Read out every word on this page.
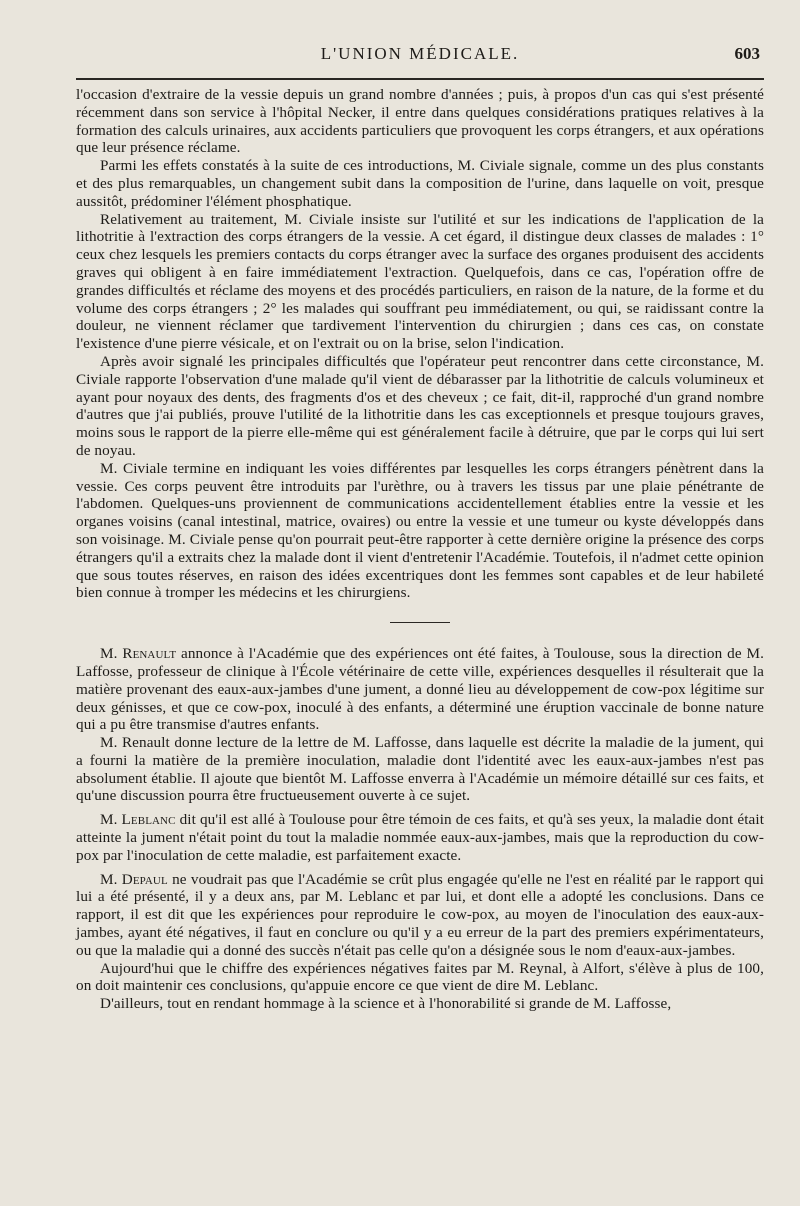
L'UNION MÉDICALE.	603

l'occasion d'extraire de la vessie depuis un grand nombre d'années ; puis, à propos d'un cas qui s'est présenté récemment dans son service à l'hôpital Necker, il entre dans quelques considérations pratiques relatives à la formation des calculs urinaires, aux accidents particuliers que provoquent les corps étrangers, et aux opérations que leur présence réclame.

Parmi les effets constatés à la suite de ces introductions, M. Civiale signale, comme un des plus constants et des plus remarquables, un changement subit dans la composition de l'urine, dans laquelle on voit, presque aussitôt, prédominer l'élément phosphatique.

Relativement au traitement, M. Civiale insiste sur l'utilité et sur les indications de l'application de la lithotritie à l'extraction des corps étrangers de la vessie. A cet égard, il distingue deux classes de malades : 1° ceux chez lesquels les premiers contacts du corps étranger avec la surface des organes produisent des accidents graves qui obligent à en faire immédiatement l'extraction. Quelquefois, dans ce cas, l'opération offre de grandes difficultés et réclame des moyens et des procédés particuliers, en raison de la nature, de la forme et du volume des corps étrangers ; 2° les malades qui souffrant peu immédiatement, ou qui, se raidissant contre la douleur, ne viennent réclamer que tardivement l'intervention du chirurgien ; dans ces cas, on constate l'existence d'une pierre vésicale, et on l'extrait ou on la brise, selon l'indication.

Après avoir signalé les principales difficultés que l'opérateur peut rencontrer dans cette circonstance, M. Civiale rapporte l'observation d'une malade qu'il vient de débarasser par la lithotritie de calculs volumineux et ayant pour noyaux des dents, des fragments d'os et des cheveux ; ce fait, dit-il, rapproché d'un grand nombre d'autres que j'ai publiés, prouve l'utilité de la lithotritie dans les cas exceptionnels et presque toujours graves, moins sous le rapport de la pierre elle-même qui est généralement facile à détruire, que par le corps qui lui sert de noyau.

M. Civiale termine en indiquant les voies différentes par lesquelles les corps étrangers pénètrent dans la vessie. Ces corps peuvent être introduits par l'urèthre, ou à travers les tissus par une plaie pénétrante de l'abdomen. Quelques-uns proviennent de communications accidentellement établies entre la vessie et les organes voisins (canal intestinal, matrice, ovaires) ou entre la vessie et une tumeur ou kyste développés dans son voisinage. M. Civiale pense qu'on pourrait peut-être rapporter à cette dernière origine la présence des corps étrangers qu'il a extraits chez la malade dont il vient d'entretenir l'Académie. Toutefois, il n'admet cette opinion que sous toutes réserves, en raison des idées excentriques dont les femmes sont capables et de leur habileté bien connue à tromper les médecins et les chirurgiens.

M. Renault annonce à l'Académie que des expériences ont été faites, à Toulouse, sous la direction de M. Laffosse, professeur de clinique à l'École vétérinaire de cette ville, expériences desquelles il résulterait que la matière provenant des eaux-aux-jambes d'une jument, a donné lieu au développement de cow-pox légitime sur deux génisses, et que ce cow-pox, inoculé à des enfants, a déterminé une éruption vaccinale de bonne nature qui a pu être transmise d'autres enfants.

M. Renault donne lecture de la lettre de M. Laffosse, dans laquelle est décrite la maladie de la jument, qui a fourni la matière de la première inoculation, maladie dont l'identité avec les eaux-aux-jambes n'est pas absolument établie. Il ajoute que bientôt M. Laffosse enverra à l'Académie un mémoire détaillé sur ces faits, et qu'une discussion pourra être fructueusement ouverte à ce sujet.

M. Leblanc dit qu'il est allé à Toulouse pour être témoin de ces faits, et qu'à ses yeux, la maladie dont était atteinte la jument n'était point du tout la maladie nommée eaux-aux-jambes, mais que la reproduction du cow-pox par l'inoculation de cette maladie, est parfaitement exacte.

M. Depaul ne voudrait pas que l'Académie se crût plus engagée qu'elle ne l'est en réalité par le rapport qui lui a été présenté, il y a deux ans, par M. Leblanc et par lui, et dont elle a adopté les conclusions. Dans ce rapport, il est dit que les expériences pour reproduire le cow-pox, au moyen de l'inoculation des eaux-aux-jambes, ayant été négatives, il faut en conclure ou qu'il y a eu erreur de la part des premiers expérimentateurs, ou que la maladie qui a donné des succès n'était pas celle qu'on a désignée sous le nom d'eaux-aux-jambes.

Aujourd'hui que le chiffre des expériences négatives faites par M. Reynal, à Alfort, s'élève à plus de 100, on doit maintenir ces conclusions, qu'appuie encore ce que vient de dire M. Leblanc.

D'ailleurs, tout en rendant hommage à la science et à l'honorabilité si grande de M. Laffosse,
